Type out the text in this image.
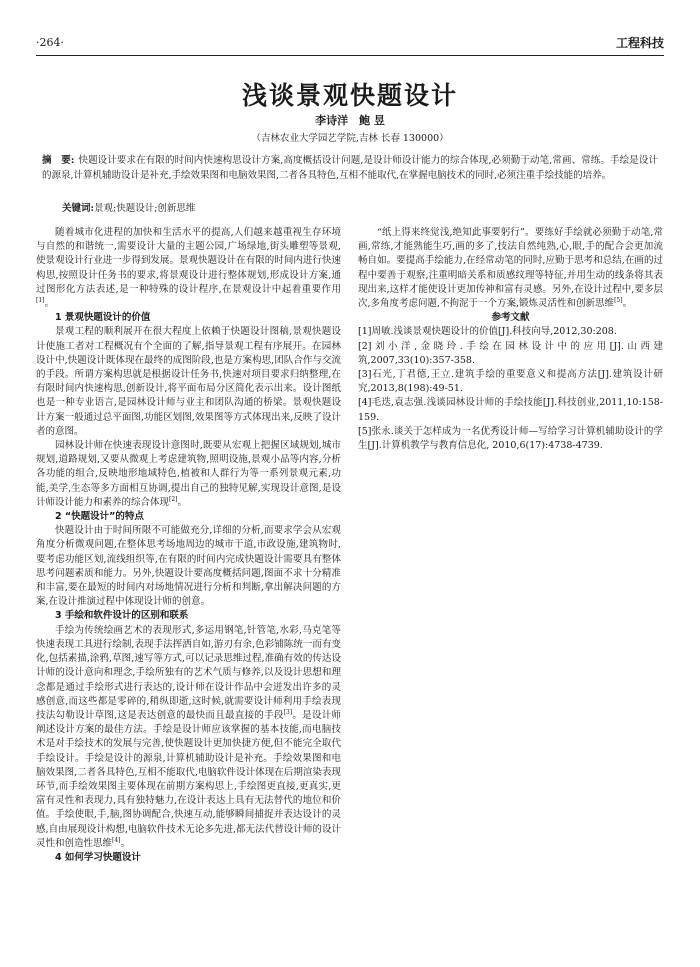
·264·	工程科技
浅谈景观快题设计
李诗洋　鲍 昱
（吉林农业大学园艺学院,吉林 长春 130000）
摘　要: 快题设计要求在有限的时间内快速构思设计方案,高度概括设计问题,是设计师设计能力的综合体现,必须勤于动笔,常画、常练。手绘是设计的源泉,计算机辅助设计是补充,手绘效果图和电脑效果图,二者各具特色,互相不能取代,在掌握电脑技术的同时,必须注重手绘技能的培养。
关键词:景观;快题设计;创新思维

随着城市化进程的加快和生活水平的提高,人们越来越重视生存环境与自然的和谐统一,需要设计大量的主题公园,广场绿地,街头雕塑等景观,使景观设计行业进一步得到发展。景观快题设计在有限的时间内进行快速构思,按照设计任务书的要求,将景观设计进行整体规划,形成设计方案,通过图形化方法表述,是一种特殊的设计程序,在景观设计中起着重要作用[1]。

1 景观快题设计的价值

景观工程的顺利展开在很大程度上依赖于快题设计图稿,景观快题设计使施工者对工程概况有个全面的了解,指导景观工程有序展开。在园林设计中,快题设计既体现在最终的成图阶段,也是方案构思,团队合作与交流的手段。所谓方案构思就是根据设计任务书,快速对项目要求归纳整理,在有限时间内快速构思,创新设计,将平面布局分区简化表示出来。设计图纸也是一种专业语言,是园林设计师与业主和团队沟通的桥梁。景观快题设计方案一般通过总平面图,功能区划图,效果图等方式体现出来,反映了设计者的意图。

园林设计师在快速表现设计意图时,既要从宏观上把握区域规划,城市规划,道路规划,又要从微观上考虑建筑物,照明设施,景观小品等内容,分析各功能的组合,反映地形地域特色,植被和人群行为等一系列景观元素,功能,美学,生态等多方面相互协调,提出自己的独特见解,实现设计意图,是设计师设计能力和素养的综合体现[2]。

2 “快题设计”的特点

快题设计由于时间所限不可能做充分,详细的分析,而要求学会从宏观角度分析微观问题,在整体思考场地周边的城市干道,市政设施,建筑物时,要考虑功能区划,流线组织等,在有限的时间内完成快题设计需要具有整体思考问题素质和能力。另外,快题设计要高度概括问题,图面不求十分精准和丰富,要在最短的时间内对场地情况进行分析和判断,拿出解决问题的方案,在设计推演过程中体现设计师的创意。

3 手绘和软件设计的区别和联系

手绘为传统绘画艺术的表现形式,多运用钢笔,针管笔,水彩,马克笔等快速表现工具进行绘制,表现手法挥洒自如,游刃有余,色彩铺陈统一而有变化,包括素描,涂鸦,草图,速写等方式,可以记录思维过程,准确有效的传达设计师的设计意向和理念,手绘所独有的艺术气质与修养,以及设计思想和理念都是通过手绘形式进行表达的,设计师在设计作品中会迸发出许多的灵感创意,而这些都是零碎的,稍纵即逝,这时候,就需要设计师利用手绘表现技法勾勒设计草图,这是表达创意的最快而且最直接的手段[3]。是设计师阐述设计方案的最佳方法。手绘是设计师应该掌握的基本技能,而电脑技术是对手绘技术的发展与完善,使快题设计更加快捷方便,但不能完全取代手绘设计。手绘是设计的源泉,计算机辅助设计是补充。手绘效果图和电脑效果图,二者各具特色,互相不能取代,电脑软件设计体现在后期渲染表现环节,而手绘效果图主要体现在前期方案构思上,手绘图更直接,更真实,更富有灵性和表现力,具有独特魅力,在设计表达上具有无法替代的地位和价值。手绘使眼,手,脑,图协调配合,快速互动,能够瞬间捕捉并表达设计的灵感,自由展现设计构想,电脑软件技术无论多先进,都无法代替设计师的设计灵性和创造性思维[4]。

4 如何学习快题设计

“纸上得来终觉浅,绝知此事要躬行”。要练好手绘就必须勤于动笔,常画,常练,才能熟能生巧,画的多了,技法自然纯熟,心,眼,手的配合会更加流畅自如。要提高手绘能力,在经常动笔的同时,应勤于思考和总结,在画的过程中要善于观察,注重明暗关系和质感纹理等特征,并用生动的线条将其表现出来,这样才能使设计更加传神和富有灵感。另外,在设计过程中,要多层次,多角度考虑问题,不拘泥于一个方案,锻炼灵活性和创新思维[5]。

参考文献
[1]周敏.浅谈景观快题设计的价值[J].科技向导,2012,30:208.
[2]刘小洋,金晓玲.手绘在园林设计中的应用[J].山西建筑,2007,33(10):357-358.
[3]石光,丁君德,王立.建筑手绘的重要意义和提高方法[J].建筑设计研究,2013,8(198):49-51.
[4]毛迭,袁志强.浅谈园林设计师的手绘技能[J].科技创业,2011,10:158-159.
[5]张永.谈关于怎样成为一名优秀设计师—写给学习计算机辅助设计的学生[J].计算机教学与教育信息化, 2010,6(17):4738-4739.
